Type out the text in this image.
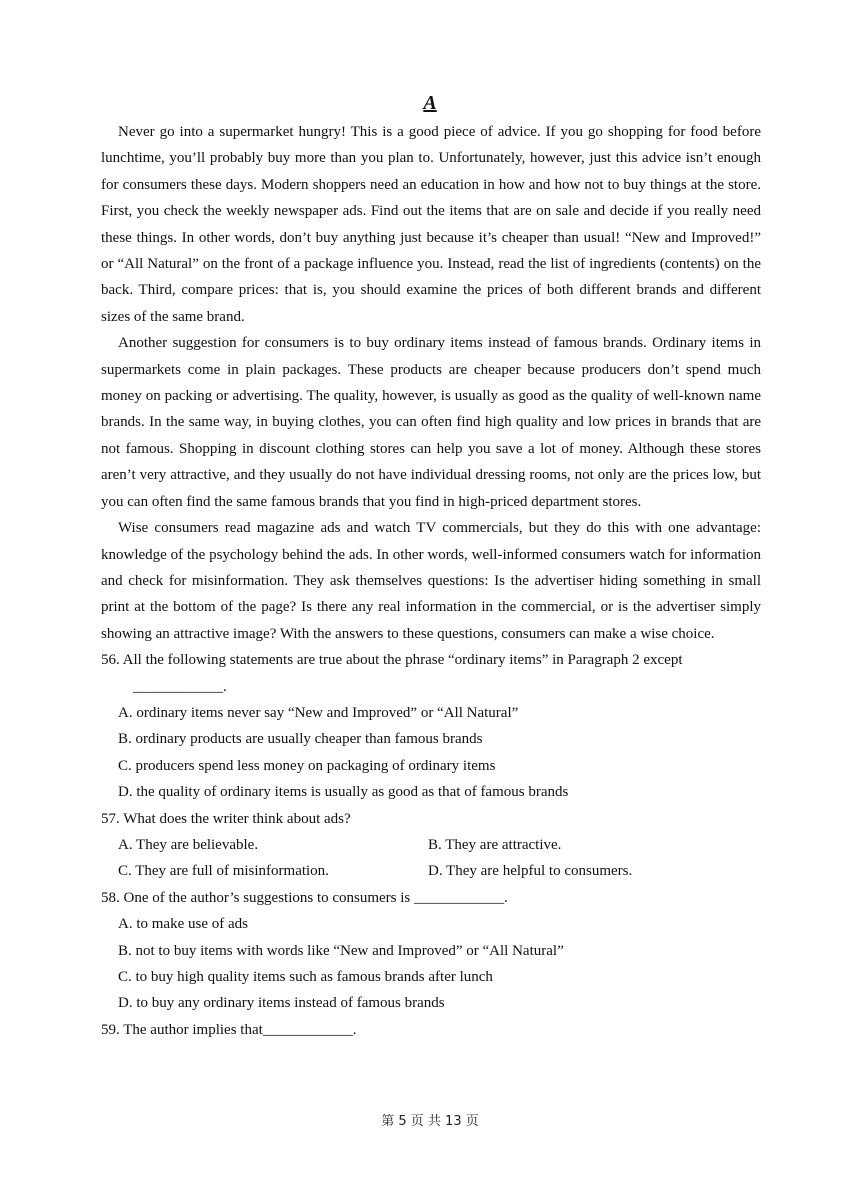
A

Never go into a supermarket hungry! This is a good piece of advice. If you go shopping for food before lunchtime, you’ll probably buy more than you plan to. Unfortunately, however, just this advice isn’t enough for consumers these days. Modern shoppers need an education in how and how not to buy things at the store. First, you check the weekly newspaper ads. Find out the items that are on sale and decide if you really need these things. In other words, don’t buy anything just because it’s cheaper than usual! “New and Improved!” or “All Natural” on the front of a package influence you. Instead, read the list of ingredients (contents) on the back. Third, compare prices: that is, you should examine the prices of both different brands and different sizes of the same brand.

Another suggestion for consumers is to buy ordinary items instead of famous brands. Ordinary items in supermarkets come in plain packages. These products are cheaper because producers don’t spend much money on packing or advertising. The quality, however, is usually as good as the quality of well-known name brands. In the same way, in buying clothes, you can often find high quality and low prices in brands that are not famous. Shopping in discount clothing stores can help you save a lot of money. Although these stores aren’t very attractive, and they usually do not have individual dressing rooms, not only are the prices low, but you can often find the same famous brands that you find in high-priced department stores.

Wise consumers read magazine ads and watch TV commercials, but they do this with one advantage: knowledge of the psychology behind the ads. In other words, well-informed consumers watch for information and check for misinformation. They ask themselves questions: Is the advertiser hiding something in small print at the bottom of the page? Is there any real information in the commercial, or is the advertiser simply showing an attractive image? With the answers to these questions, consumers can make a wise choice.

56. All the following statements are true about the phrase “ordinary items” in Paragraph 2 except

____________.

A. ordinary items never say “New and Improved” or “All Natural”

B. ordinary products are usually cheaper than famous brands

C. producers spend less money on packaging of ordinary items

D. the quality of ordinary items is usually as good as that of famous brands

57. What does the writer think about ads?

A. They are believable.	B. They are attractive.
C. They are full of misinformation.	D. They are helpful to consumers.

58. One of the author’s suggestions to consumers is ____________.

A. to make use of ads

B. not to buy items with words like “New and Improved” or “All Natural”

C. to buy high quality items such as famous brands after lunch

D. to buy any ordinary items instead of famous brands

59. The author implies that____________.

第 5 页 共 13 页
